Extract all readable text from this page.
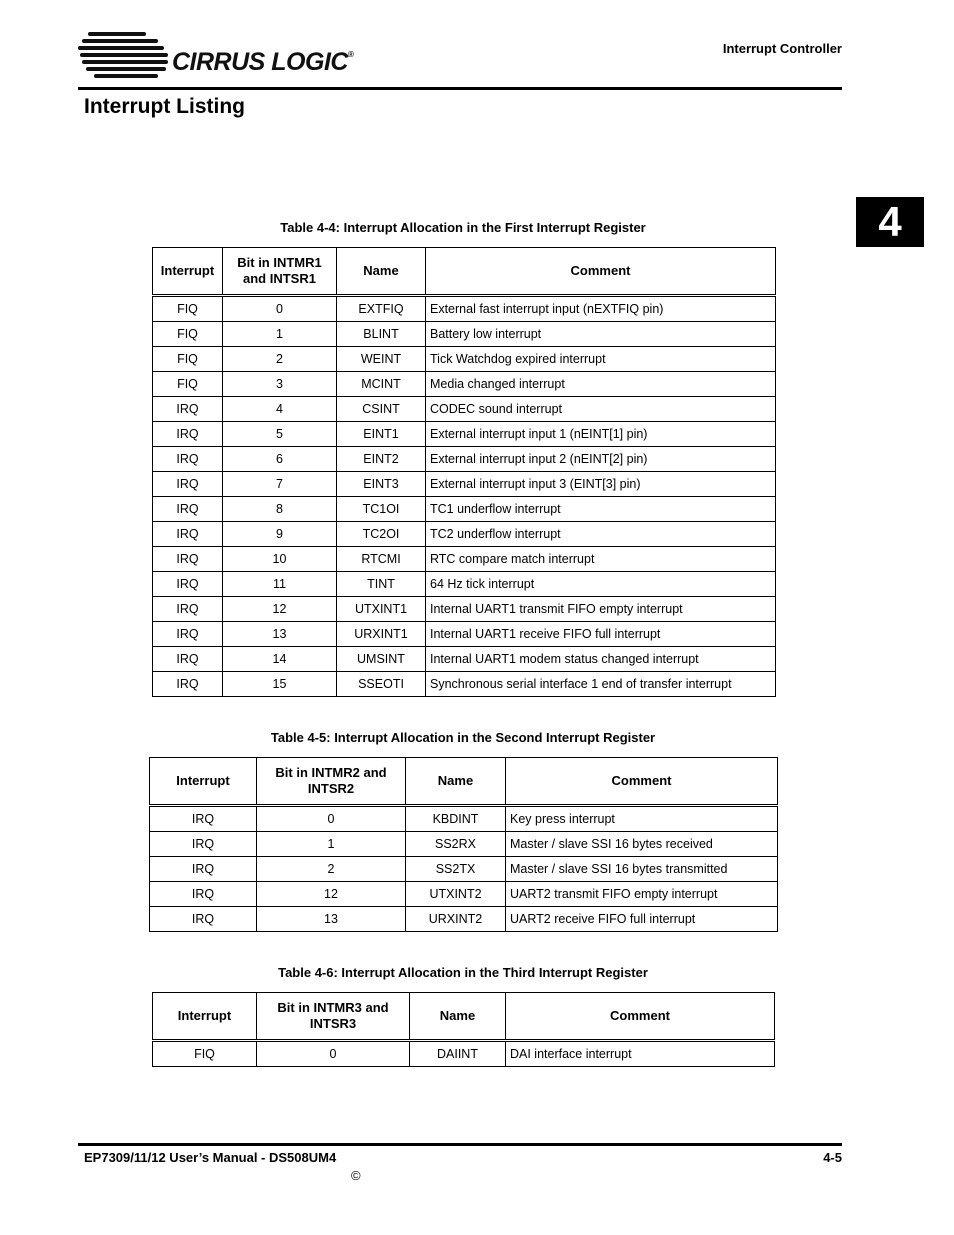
CIRRUS LOGIC®	Interrupt Controller
Interrupt Listing
4
Table 4-4: Interrupt Allocation in the First Interrupt Register
Interrupt	Bit in INTMR1 and INTSR1	Name	Comment
FIQ	0	EXTFIQ	External fast interrupt input (nEXTFIQ pin)
FIQ	1	BLINT	Battery low interrupt
FIQ	2	WEINT	Tick Watchdog expired interrupt
FIQ	3	MCINT	Media changed interrupt
IRQ	4	CSINT	CODEC sound interrupt
IRQ	5	EINT1	External interrupt input 1 (nEINT[1] pin)
IRQ	6	EINT2	External interrupt input 2 (nEINT[2] pin)
IRQ	7	EINT3	External interrupt input 3 (EINT[3] pin)
IRQ	8	TC1OI	TC1 underflow interrupt
IRQ	9	TC2OI	TC2 underflow interrupt
IRQ	10	RTCMI	RTC compare match interrupt
IRQ	11	TINT	64 Hz tick interrupt
IRQ	12	UTXINT1	Internal UART1 transmit FIFO empty interrupt
IRQ	13	URXINT1	Internal UART1 receive FIFO full interrupt
IRQ	14	UMSINT	Internal UART1 modem status changed interrupt
IRQ	15	SSEOTI	Synchronous serial interface 1 end of transfer interrupt
Table 4-5: Interrupt Allocation in the Second Interrupt Register
Interrupt	Bit in INTMR2 and INTSR2	Name	Comment
IRQ	0	KBDINT	Key press interrupt
IRQ	1	SS2RX	Master / slave SSI 16 bytes received
IRQ	2	SS2TX	Master / slave SSI 16 bytes transmitted
IRQ	12	UTXINT2	UART2 transmit FIFO empty interrupt
IRQ	13	URXINT2	UART2 receive FIFO full interrupt
Table 4-6: Interrupt Allocation in the Third Interrupt Register
Interrupt	Bit in INTMR3 and INTSR3	Name	Comment
FIQ	0	DAIINT	DAI interface interrupt
EP7309/11/12 User’s Manual - DS508UM4	4-5
©
